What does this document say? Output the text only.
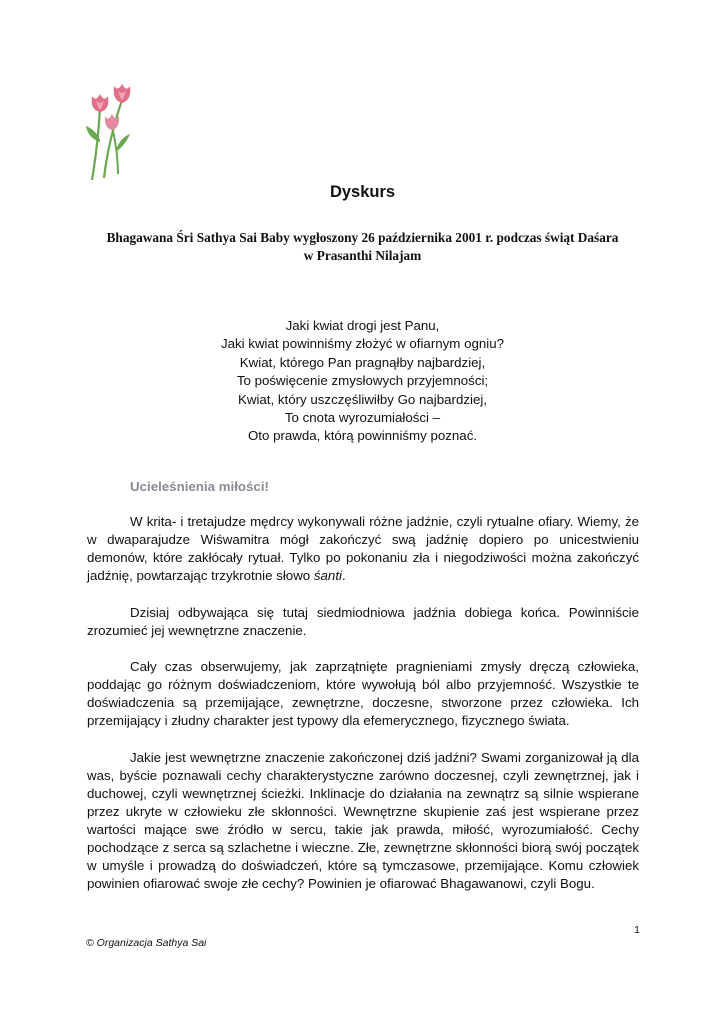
Dyskurs
Bhagawana Śri Sathya Sai Baby wygłoszony 26 października 2001 r. podczas świąt Daśara
w Prasanthi Nilajam
Jaki kwiat drogi jest Panu,
Jaki kwiat powinniśmy złożyć w ofiarnym ogniu?
Kwiat, którego Pan pragnąłby najbardziej,
To poświęcenie zmysłowych przyjemności;
Kwiat, który uszczęśliwiłby Go najbardziej,
To cnota wyrozumiałości –
Oto prawda, którą powinniśmy poznać.
Ucieleśnienia miłości!

W krita- i tretajudze mędrcy wykonywali różne jadźnie, czyli rytualne ofiary. Wiemy, że w dwaparajudze Wiśwamitra mógł zakończyć swą jadźnię dopiero po unicestwieniu demonów, które zakłócały rytuał. Tylko po pokonaniu zła i niegodziwości można zakończyć jadźnię, powtarzając trzykrotnie słowo śanti.

Dzisiaj odbywająca się tutaj siedmiodniowa jadźnia dobiega końca. Powinniście zrozumieć jej wewnętrzne znaczenie.

Cały czas obserwujemy, jak zaprzątnięte pragnieniami zmysły dręczą człowieka, poddając go różnym doświadczeniom, które wywołują ból albo przyjemność. Wszystkie te doświadczenia są przemijające, zewnętrzne, doczesne, stworzone przez człowieka. Ich przemijający i złudny charakter jest typowy dla efemerycznego, fizycznego świata.

Jakie jest wewnętrzne znaczenie zakończonej dziś jadźni? Swami zorganizował ją dla was, byście poznawali cechy charakterystyczne zarówno doczesnej, czyli zewnętrznej, jak i duchowej, czyli wewnętrznej ścieżki. Inklinacje do działania na zewnątrz są silnie wspierane przez ukryte w człowieku złe skłonności. Wewnętrzne skupienie zaś jest wspierane przez wartości mające swe źródło w sercu, takie jak prawda, miłość, wyrozumiałość. Cechy pochodzące z serca są szlachetne i wieczne. Złe, zewnętrzne skłonności biorą swój początek w umyśle i prowadzą do doświadczeń, które są tymczasowe, przemijające. Komu człowiek powinien ofiarować swoje złe cechy? Powinien je ofiarować Bhagawanowi, czyli Bogu.

1
© Organizacja Sathya Sai
